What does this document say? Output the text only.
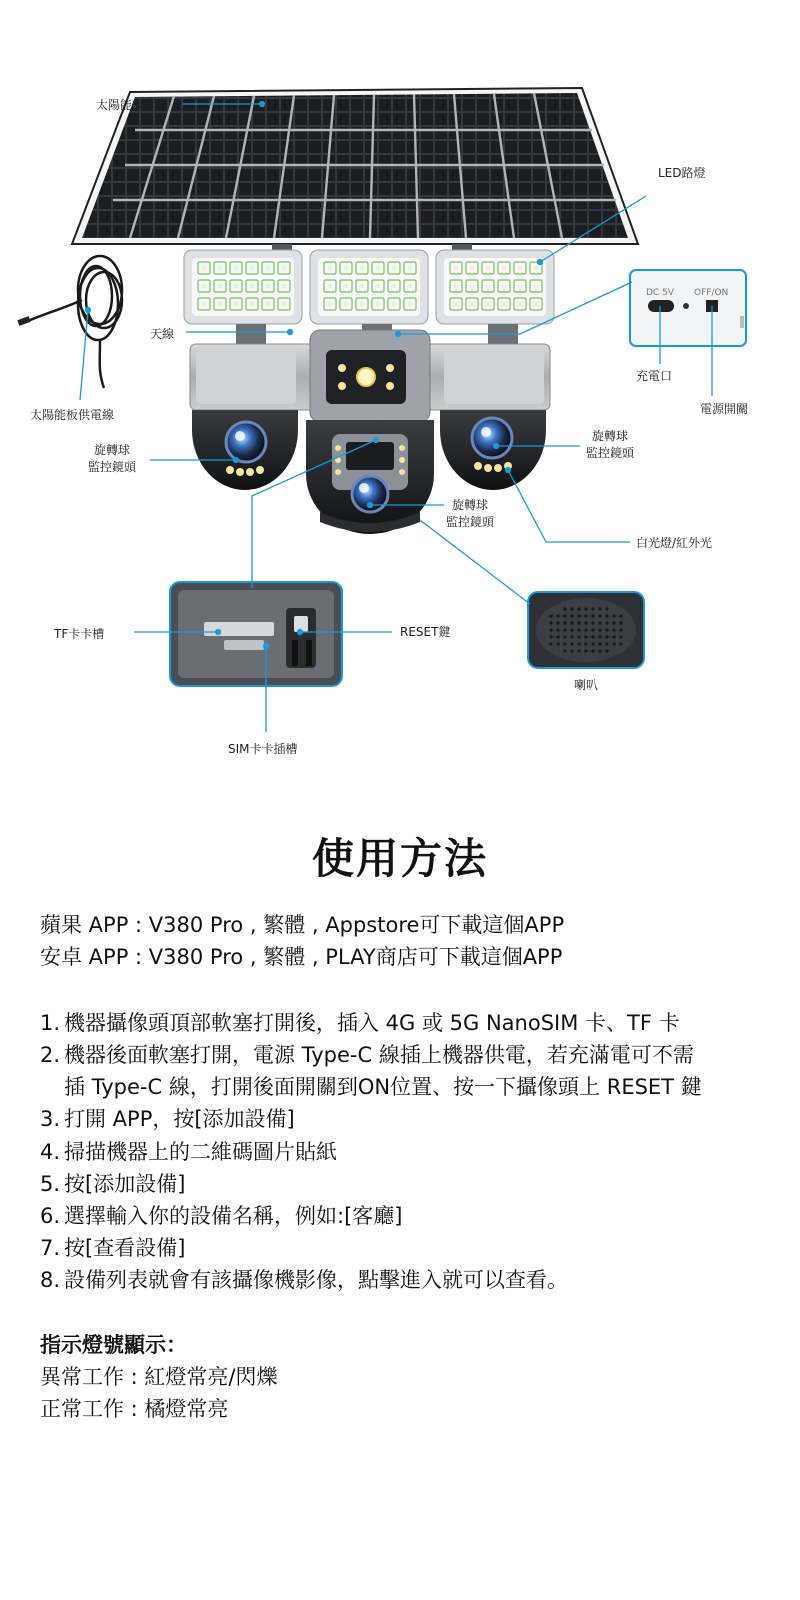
DC 5V OFF/ON
太陽能板
LED路燈
天線
太陽能板供電線
充電口
電源開關
旋轉球
監控鏡頭
旋轉球
監控鏡頭
旋轉球
監控鏡頭
白光燈/紅外光
TF卡卡槽	RESET鍵
喇叭
SIM卡卡插槽
使用方法
蘋果 APP : V380 Pro , 繁體 , Appstore可下載這個APP
安卓 APP : V380 Pro , 繁體 , PLAY商店可下載這個APP
1. 機器攝像頭頂部軟塞打開後，插入 4G 或 5G NanoSIM 卡、TF 卡
2. 機器後面軟塞打開，電源 Type-C 線插上機器供電，若充滿電可不需
插 Type-C 線，打開後面開關到ON位置、按一下攝像頭上 RESET 鍵
3. 打開 APP，按[添加設備]
4. 掃描機器上的二維碼圖片貼紙
5. 按[添加設備]
6. 選擇輸入你的設備名稱，例如:[客廳]
7. 按[查看設備]
8. 設備列表就會有該攝像機影像，點擊進入就可以查看。
指示燈號顯示：
異常工作 : 紅燈常亮/閃爍
正常工作 : 橘燈常亮
